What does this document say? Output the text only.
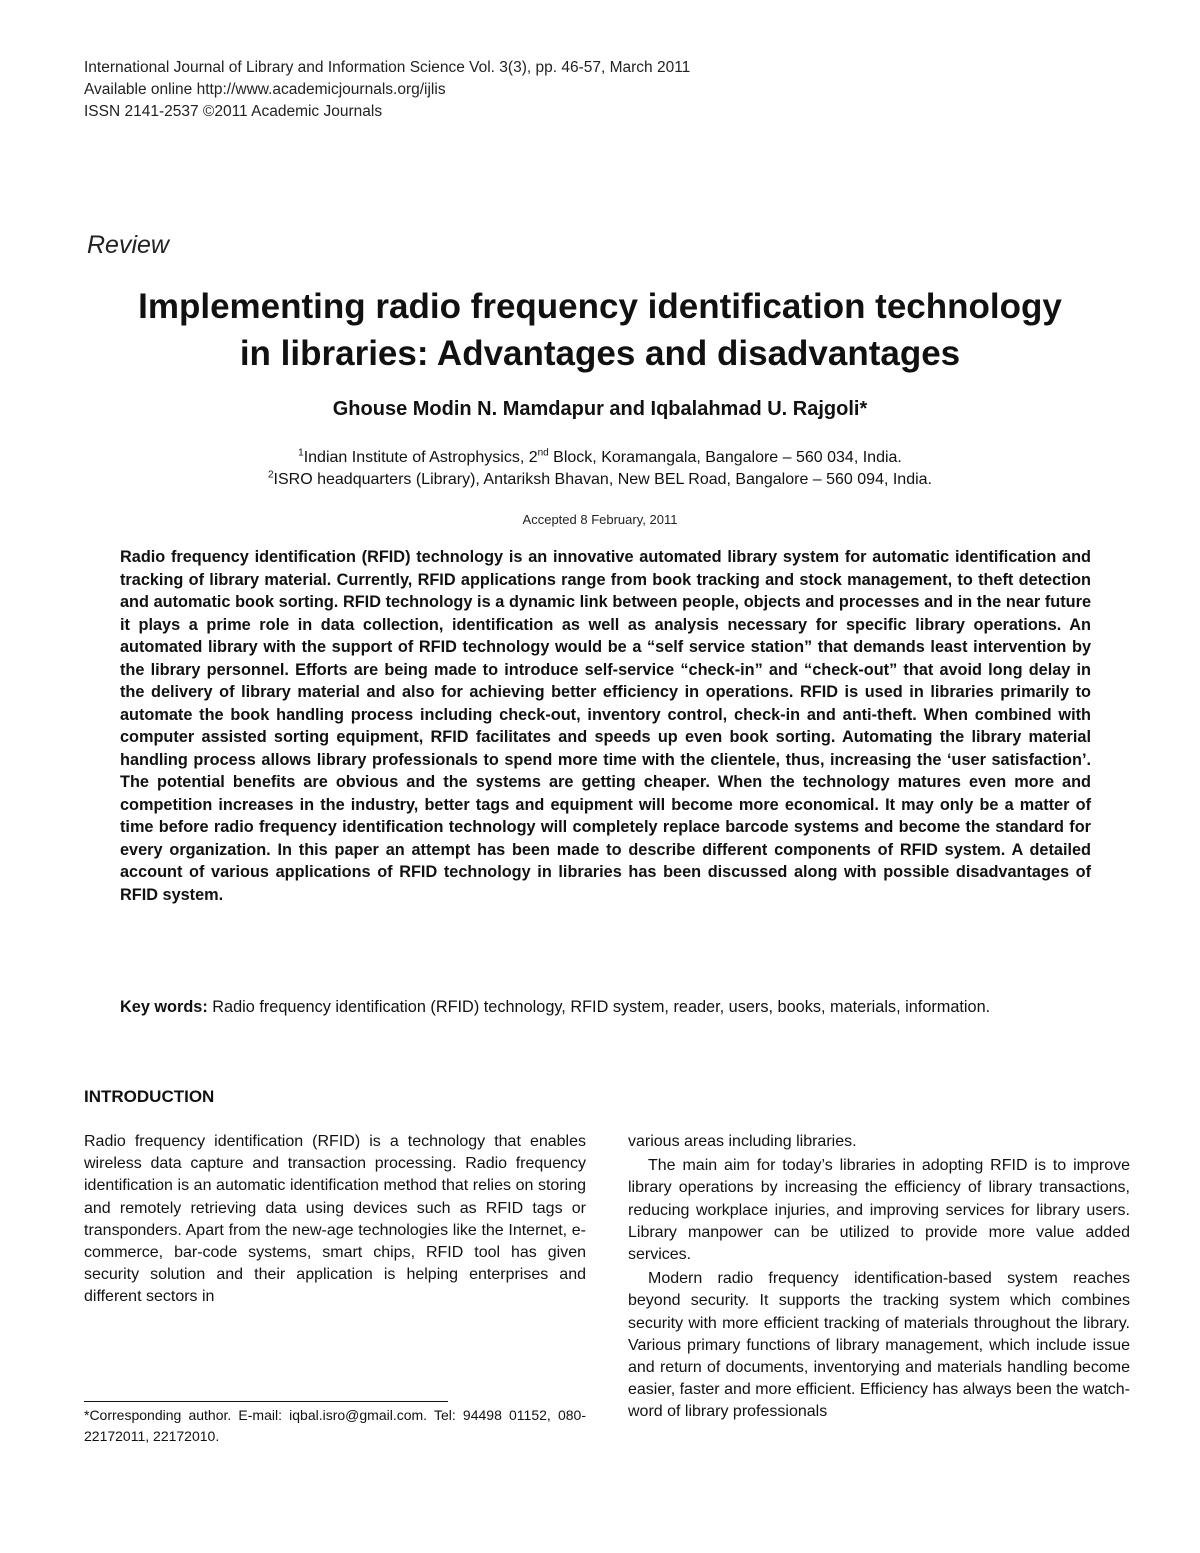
International Journal of Library and Information Science Vol. 3(3), pp. 46-57, March 2011
Available online http://www.academicjournals.org/ijlis
ISSN 2141-2537 ©2011 Academic Journals
Review
Implementing radio frequency identification technology
in libraries: Advantages and disadvantages
Ghouse Modin N. Mamdapur and Iqbalahmad U. Rajgoli*
$^1$Indian Institute of Astrophysics, 2nd Block, Koramangala, Bangalore – 560 034, India.
$^2$ISRO headquarters (Library), Antariksh Bhavan, New BEL Road, Bangalore – 560 094, India.
Accepted 8 February, 2011
Radio frequency identification (RFID) technology is an innovative automated library system for automatic identification and tracking of library material. Currently, RFID applications range from book tracking and stock management, to theft detection and automatic book sorting. RFID technology is a dynamic link between people, objects and processes and in the near future it plays a prime role in data collection, identification as well as analysis necessary for specific library operations. An automated library with the support of RFID technology would be a “self service station” that demands least intervention by the library personnel. Efforts are being made to introduce self-service “check-in” and “check-out” that avoid long delay in the delivery of library material and also for achieving better efficiency in operations. RFID is used in libraries primarily to automate the book handling process including check-out, inventory control, check-in and anti-theft. When combined with computer assisted sorting equipment, RFID facilitates and speeds up even book sorting. Automating the library material handling process allows library professionals to spend more time with the clientele, thus, increasing the ‘user satisfaction’. The potential benefits are obvious and the systems are getting cheaper. When the technology matures even more and competition increases in the industry, better tags and equipment will become more economical. It may only be a matter of time before radio frequency identification technology will completely replace barcode systems and become the standard for every organization. In this paper an attempt has been made to describe different components of RFID system. A detailed account of various applications of RFID technology in libraries has been discussed along with possible disadvantages of RFID system.
Key words: Radio frequency identification (RFID) technology, RFID system, reader, users, books, materials, information.
INTRODUCTION

Radio frequency identification (RFID) is a technology that enables wireless data capture and transaction processing. Radio frequency identification is an automatic identification method that relies on storing and remotely retrieving data using devices such as RFID tags or transponders. Apart from the new-age technologies like the Internet, e-commerce, bar-code systems, smart chips, RFID tool has given security solution and their application is helping enterprises and different sectors in

various areas including libraries.

The main aim for today’s libraries in adopting RFID is to improve library operations by increasing the efficiency of library transactions, reducing workplace injuries, and improving services for library users. Library manpower can be utilized to provide more value added services.

Modern radio frequency identification-based system reaches beyond security. It supports the tracking system which combines security with more efficient tracking of materials throughout the library. Various primary functions of library management, which include issue and return of documents, inventorying and materials handling become easier, faster and more efficient. Efficiency has always been the watch-word of library professionals

*Corresponding author. E-mail: iqbal.isro@gmail.com. Tel: 94498 01152, 080-22172011, 22172010.
